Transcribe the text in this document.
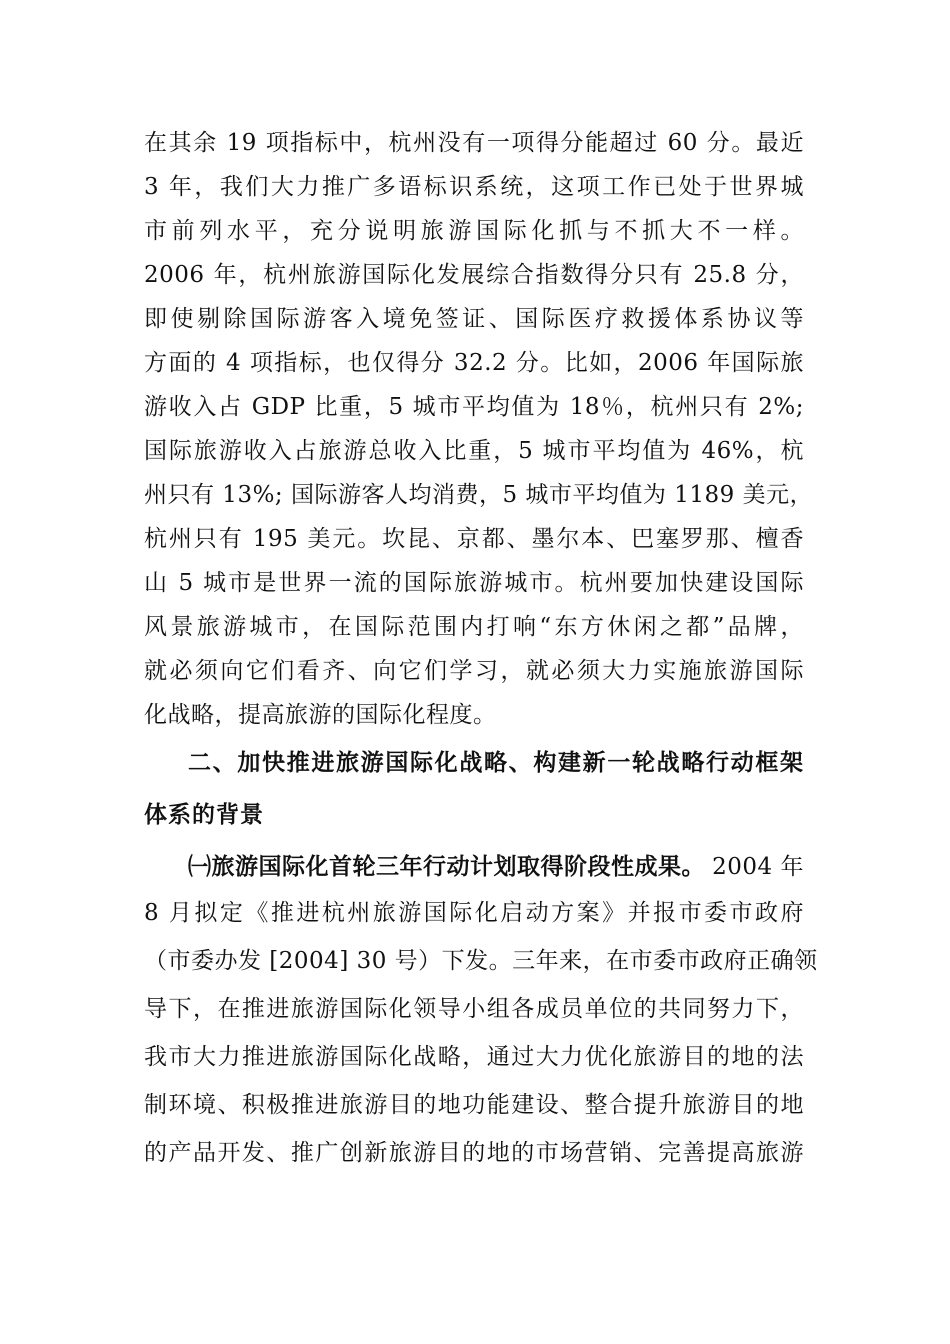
在其余 19 项指标中，杭州没有一项得分能超过 60 分。最近
3 年，我们大力推广多语标识系统，这项工作已处于世界城
市前列水平，充分说明旅游国际化抓与不抓大不一样。
2006 年，杭州旅游国际化发展综合指数得分只有 25.8 分，
即使剔除国际游客入境免签证、国际医疗救援体系协议等
方面的 4 项指标，也仅得分 32.2 分。比如，2006 年国际旅
游收入占 GDP 比重，5 城市平均值为 18％，杭州只有 2%;
国际旅游收入占旅游总收入比重，5 城市平均值为 46%，杭
州只有 13%; 国际游客人均消费，5 城市平均值为 1189 美元，
杭州只有 195 美元。坎昆、京都、墨尔本、巴塞罗那、檀香
山 5 城市是世界一流的国际旅游城市。杭州要加快建设国际
风景旅游城市，在国际范围内打响“东方休闲之都”品牌，
就必须向它们看齐、向它们学习，就必须大力实施旅游国际
化战略，提高旅游的国际化程度。
二、加快推进旅游国际化战略、构建新一轮战略行动框架
体系的背景
㈠旅游国际化首轮三年行动计划取得阶段性成果。 2004 年
8 月拟定《推进杭州旅游国际化启动方案》并报市委市政府
（市委办发 [2004] 30 号）下发。三年来，在市委市政府正确领
导下，在推进旅游国际化领导小组各成员单位的共同努力下，
我市大力推进旅游国际化战略，通过大力优化旅游目的地的法
制环境、积极推进旅游目的地功能建设、整合提升旅游目的地
的产品开发、推广创新旅游目的地的市场营销、完善提高旅游
